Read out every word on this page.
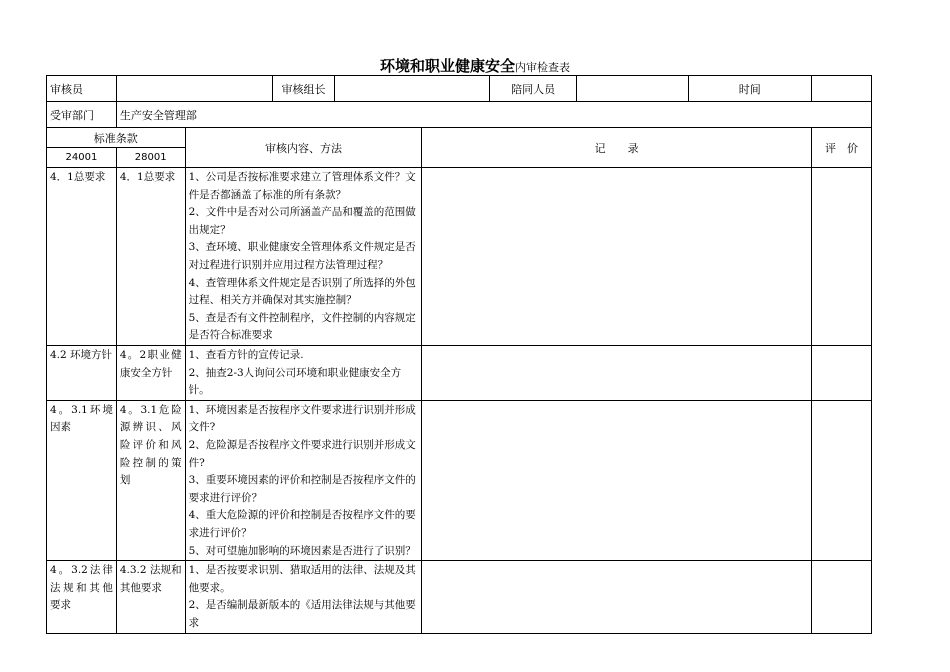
环境和职业健康安全内审检查表
审核员			审核组长			陪同人员		时间	
受审部门	生产安全管理部								
标准条款		审核内容、方法			记　　录				评　价
24001	28001								
4．1总要求	4．1总要求	1、公司是否按标准要求建立了管理体系文件？文件是否都涵盖了标准的所有条款？
2、文件中是否对公司所涵盖产品和覆盖的范围做出规定？
3、查环境、职业健康安全管理体系文件规定是否对过程进行识别并应用过程方法管理过程？
4、查管理体系文件规定是否识别了所选择的外包过程、相关方并确保对其实施控制？
5、查是否有文件控制程序，文件控制的内容规定是否符合标准要求							

4.2 环境方针	4。2职业健康安全方针	1、查看方针的宣传记录.
2、抽查2-3人询问公司环境和职业健康安全方针。							

4。3.1环境因素	4。3.1危险源辨识、风险评价和风险控制的策划	1、环境因素是否按程序文件要求进行识别并形成文件?
2、危险源是否按程序文件要求进行识别并形成文件?
3、重要环境因素的评价和控制是否按程序文件的要求进行评价？
4、重大危险源的评价和控制是否按程序文件的要求进行评价？
5、对可望施加影响的环境因素是否进行了识别？							

4。3.2法律法规和其他要求	4.3.2 法规和其他要求	1、是否按要求识别、猎取适用的法律、法规及其他要求。
2、是否编制最新版本的《适用法律法规与其他要求							
